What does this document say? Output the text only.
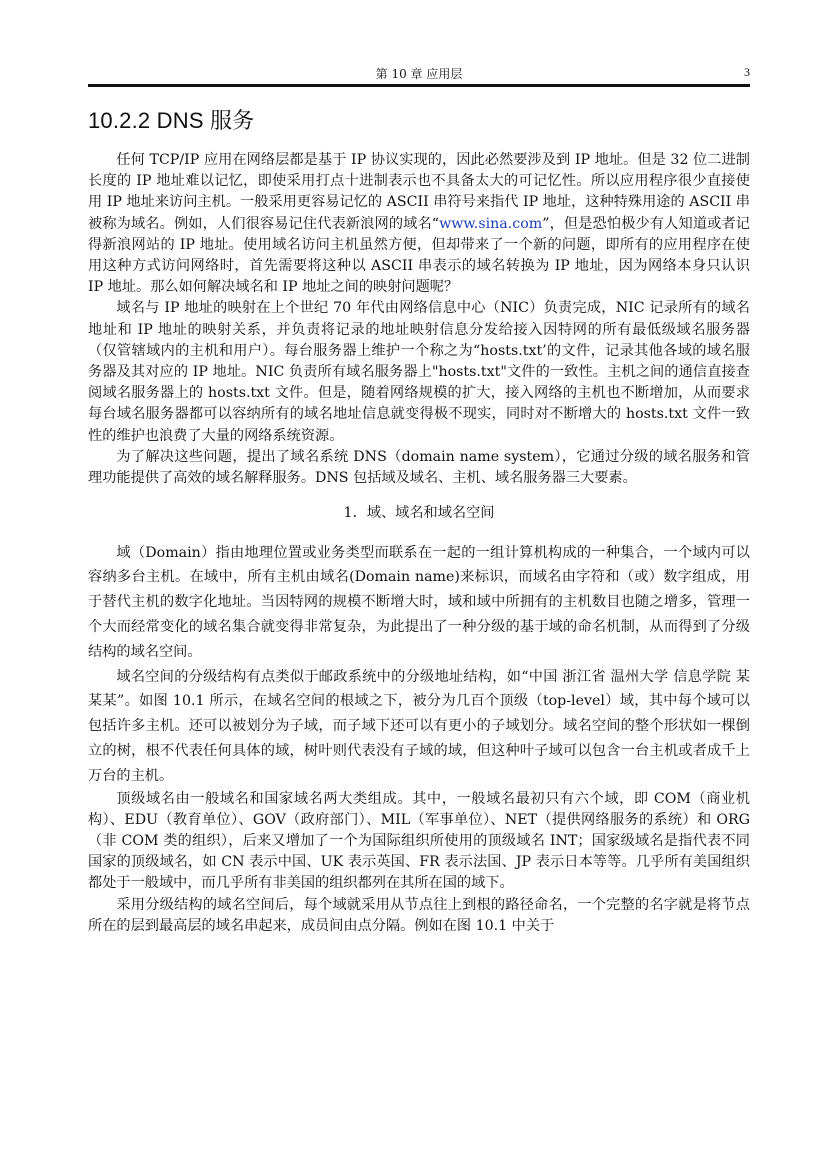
第 10 章 应用层	3
10.2.2 DNS 服务

任何 TCP/IP 应用在网络层都是基于 IP 协议实现的，因此必然要涉及到 IP 地址。但是 32 位二进制长度的 IP 地址难以记忆，即使采用打点十进制表示也不具备太大的可记忆性。所以应用程序很少直接使用 IP 地址来访问主机。一般采用更容易记忆的 ASCII 串符号来指代 IP 地址，这种特殊用途的 ASCII 串被称为域名。例如，人们很容易记住代表新浪网的域名“www.sina.com”，但是恐怕极少有人知道或者记得新浪网站的 IP 地址。使用域名访问主机虽然方便，但却带来了一个新的问题，即所有的应用程序在使用这种方式访问网络时，首先需要将这种以 ASCII 串表示的域名转换为 IP 地址，因为网络本身只认识 IP 地址。那么如何解决域名和 IP 地址之间的映射问题呢？

域名与 IP 地址的映射在上个世纪 70 年代由网络信息中心（NIC）负责完成，NIC 记录所有的域名地址和 IP 地址的映射关系，并负责将记录的地址映射信息分发给接入因特网的所有最低级域名服务器（仅管辖域内的主机和用户）。每台服务器上维护一个称之为“hosts.txt’的文件，记录其他各域的域名服务器及其对应的 IP 地址。NIC 负责所有域名服务器上"hosts.txt"文件的一致性。主机之间的通信直接查阅域名服务器上的 hosts.txt 文件。但是，随着网络规模的扩大，接入网络的主机也不断增加，从而要求每台域名服务器都可以容纳所有的域名地址信息就变得极不现实，同时对不断增大的 hosts.txt 文件一致性的维护也浪费了大量的网络系统资源。

为了解决这些问题，提出了域名系统 DNS（domain name system），它通过分级的域名服务和管理功能提供了高效的域名解释服务。DNS 包括域及域名、主机、域名服务器三大要素。

1．域、域名和域名空间

域（Domain）指由地理位置或业务类型而联系在一起的一组计算机构成的一种集合，一个域内可以容纳多台主机。在域中，所有主机由域名(Domain name)来标识，而域名由字符和（或）数字组成，用于替代主机的数字化地址。当因特网的规模不断增大时，域和域中所拥有的主机数目也随之增多，管理一个大而经常变化的域名集合就变得非常复杂，为此提出了一种分级的基于域的命名机制，从而得到了分级结构的域名空间。

域名空间的分级结构有点类似于邮政系统中的分级地址结构，如“中国 浙江省 温州大学 信息学院 某某某”。如图 10.1 所示，在域名空间的根域之下，被分为几百个顶级（top-level）域，其中每个域可以包括许多主机。还可以被划分为子域，而子域下还可以有更小的子域划分。域名空间的整个形状如一棵倒立的树，根不代表任何具体的域，树叶则代表没有子域的域，但这种叶子域可以包含一台主机或者成千上万台的主机。

顶级域名由一般域名和国家域名两大类组成。其中，一般域名最初只有六个域，即 COM（商业机构）、EDU（教育单位）、GOV（政府部门）、MIL（军事单位）、NET（提供网络服务的系统）和 ORG（非 COM 类的组织），后来又增加了一个为国际组织所使用的顶级域名 INT；国家级域名是指代表不同国家的顶级域名，如 CN 表示中国、UK 表示英国、FR 表示法国、JP 表示日本等等。几乎所有美国组织都处于一般域中，而几乎所有非美国的组织都列在其所在国的域下。

采用分级结构的域名空间后，每个域就采用从节点往上到根的路径命名，一个完整的名字就是将节点所在的层到最高层的域名串起来，成员间由点分隔。例如在图 10.1 中关于
